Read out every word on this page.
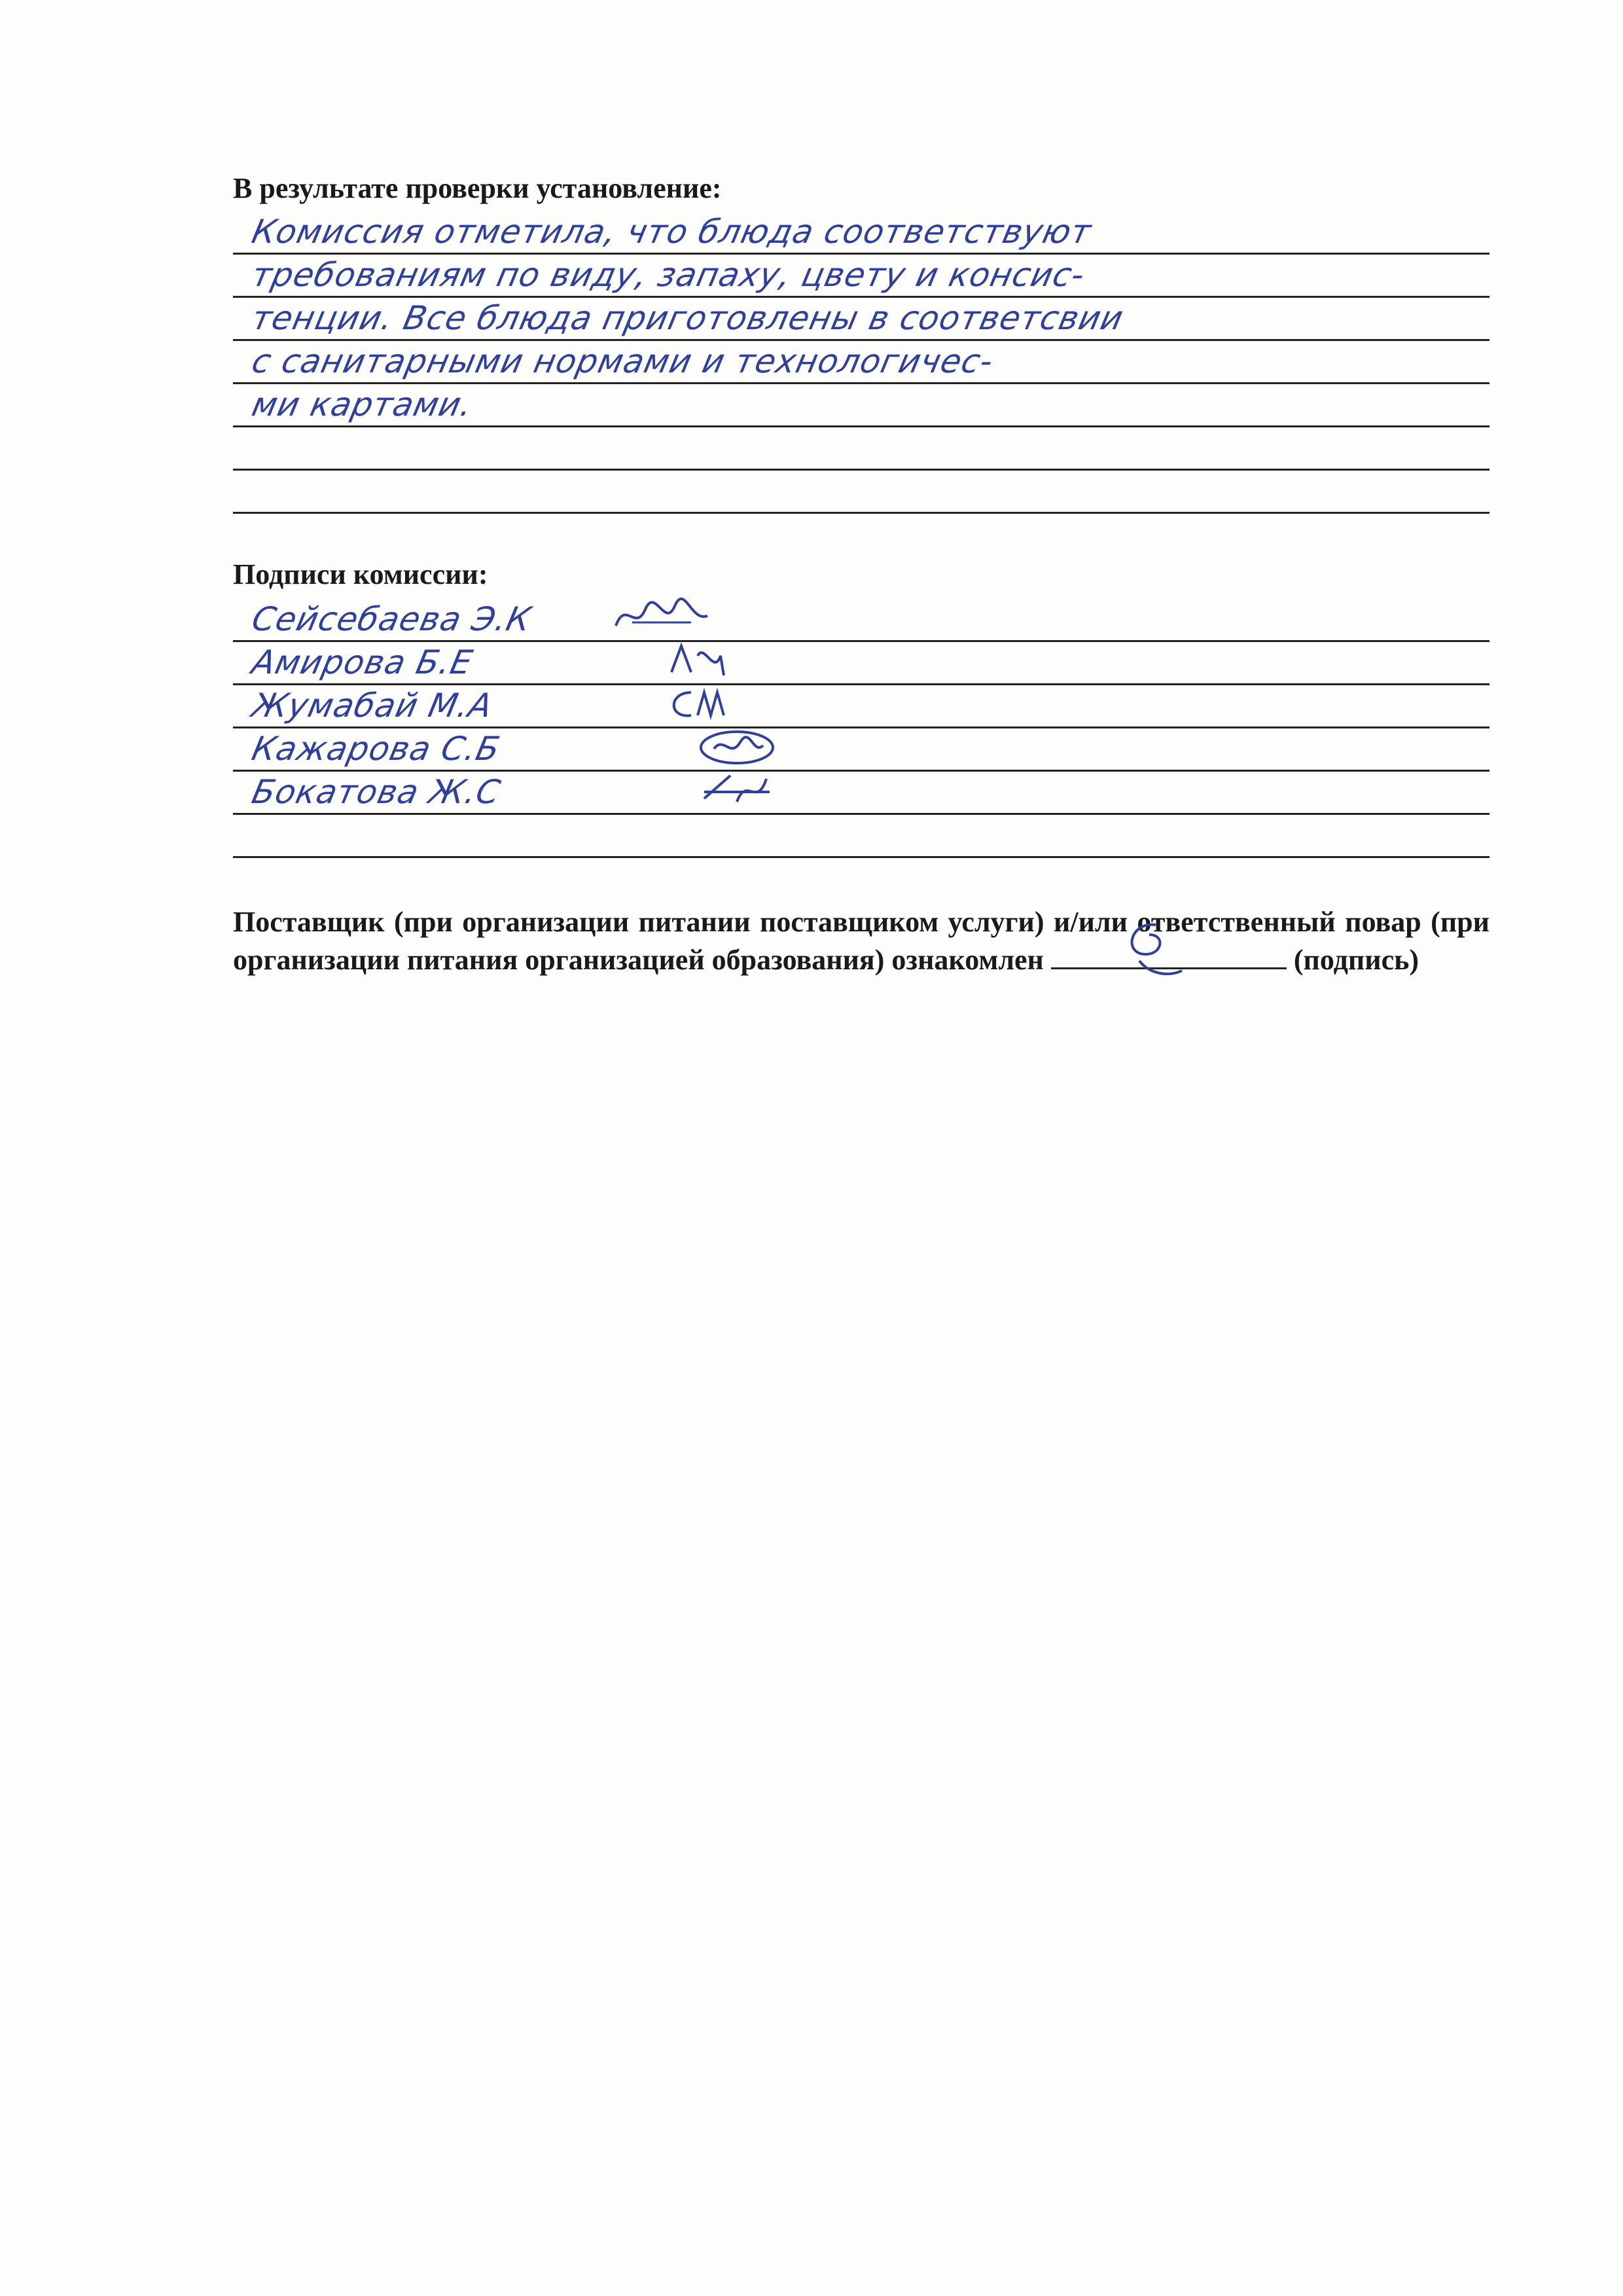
В результате проверки установление:
Комиссия отметила, что блюда соответствуют
требованиям по виду, запаху, цвету и консис-
тенции. Все блюда приготовлены в соответсвии
с санитарными нормами и технологичес-
ми картами.
Подписи комиссии:
Сейсебаева Э.К
Амирова Б.Е
Жумабай М.А
Кажарова С.Б
Бокатова Ж.С

Поставщик (при организации питании поставщиком услуги) и/или ответственный повар (при организации питания организацией образования) ознакомлен	(подпись)
